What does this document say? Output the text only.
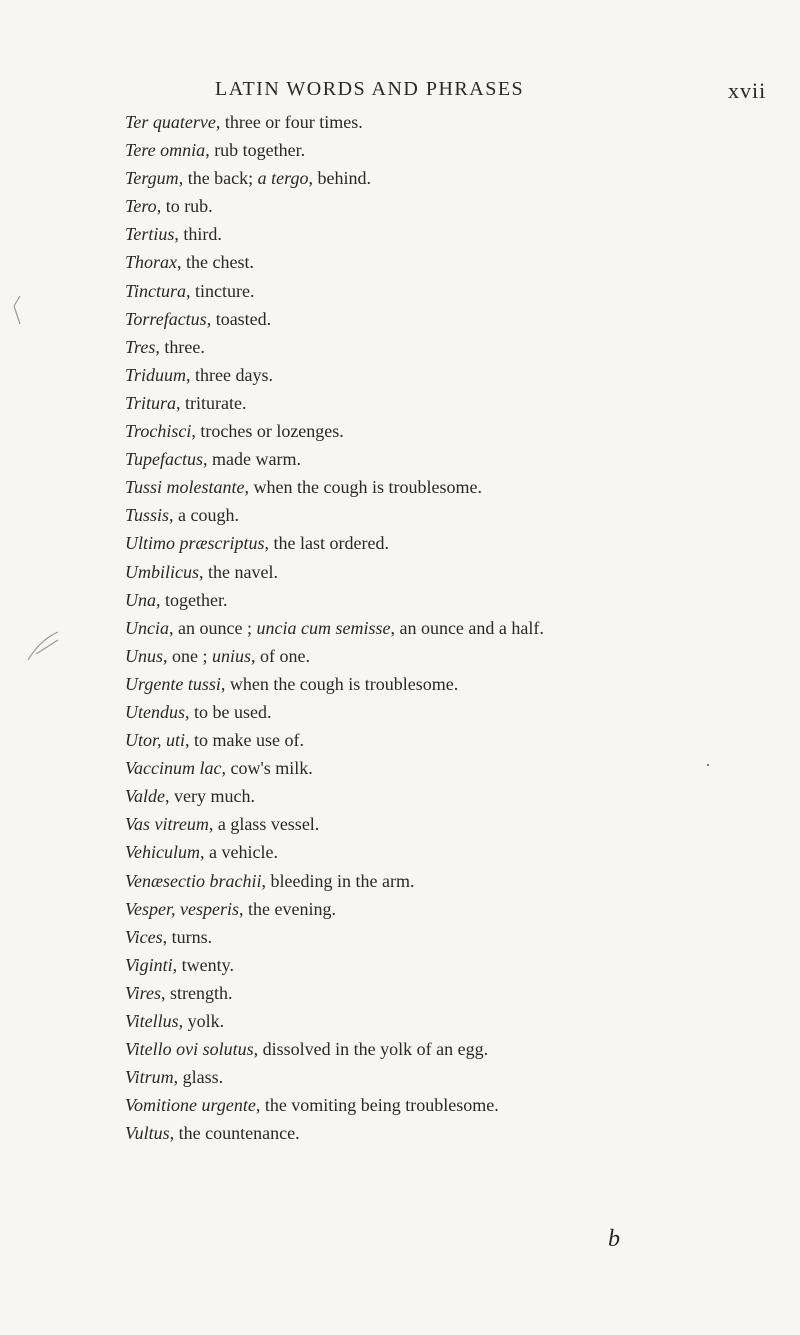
LATIN WORDS AND PHRASES	xvii
Ter quaterve, three or four times.
Tere omnia, rub together.
Tergum, the back; a tergo, behind.
Tero, to rub.
Tertius, third.
Thorax, the chest.
Tinctura, tincture.
Torrefactus, toasted.
Tres, three.
Triduum, three days.
Tritura, triturate.
Trochisci, troches or lozenges.
Tupefactus, made warm.
Tussi molestante, when the cough is troublesome.
Tussis, a cough.
Ultimo præscriptus, the last ordered.
Umbilicus, the navel.
Una, together.
Uncia, an ounce ; uncia cum semisse, an ounce and a half.
Unus, one ; unius, of one.
Urgente tussi, when the cough is troublesome.
Utendus, to be used.
Utor, uti, to make use of.
Vaccinum lac, cow's milk.
Valde, very much.
Vas vitreum, a glass vessel.
Vehiculum, a vehicle.
Venæsectio brachii, bleeding in the arm.
Vesper, vesperis, the evening.
Vices, turns.
Viginti, twenty.
Vires, strength.
Vitellus, yolk.
Vitello ovi solutus, dissolved in the yolk of an egg.
Vitrum, glass.
Vomitione urgente, the vomiting being troublesome.
Vultus, the countenance.
b
